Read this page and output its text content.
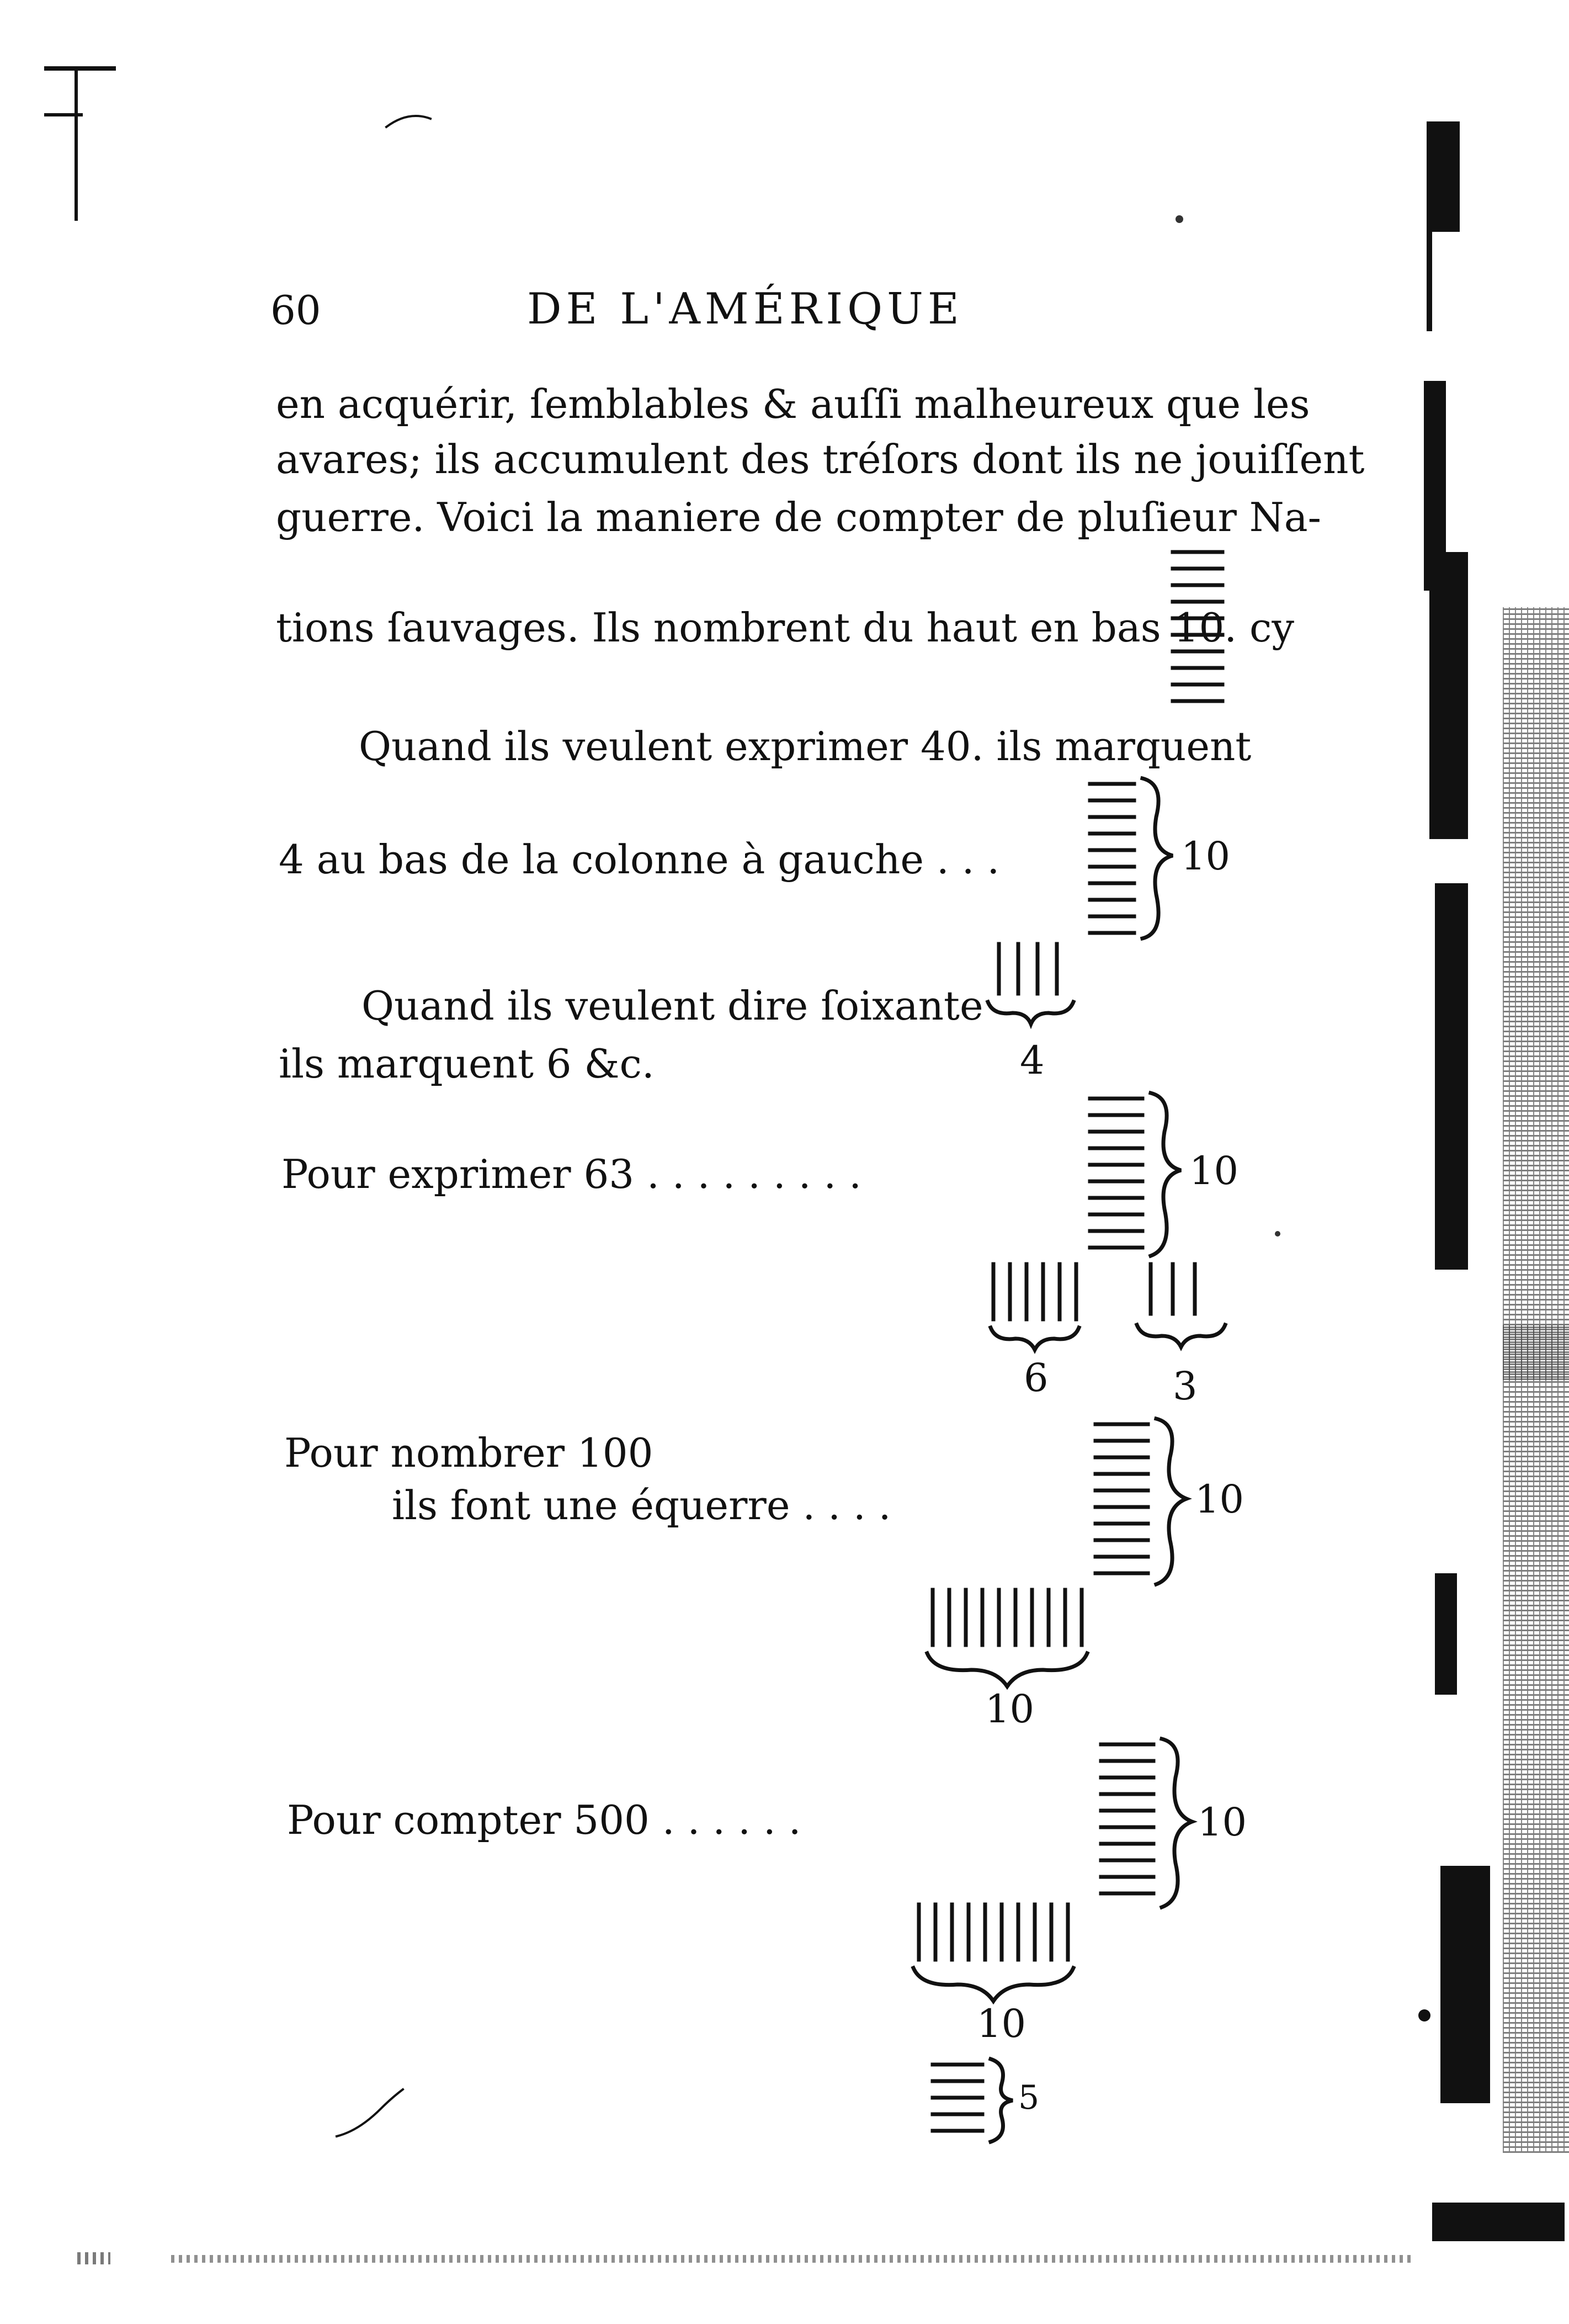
60	DE L'AMÉRIQUE
en acquérir, ſemblables & auſſi malheureux que les
avares; ils accumulent des tréſors dont ils ne jouiſſent
guerre. Voici la maniere de compter de pluſieur Na-
tions ſauvages. Ils nombrent du haut en bas 10. cy
Quand ils veulent exprimer 40. ils marquent
4 au bas de la colonne à gauche . . .
Quand ils veulent dire ſoixante
ils marquent 6 &c.
Pour exprimer 63 . . . . . . . . .
Pour nombrer 100
ils font une équerre . . . .
Pour compter 500 . . . . . .
10
4
10
6	3
10
10
10
10
5
